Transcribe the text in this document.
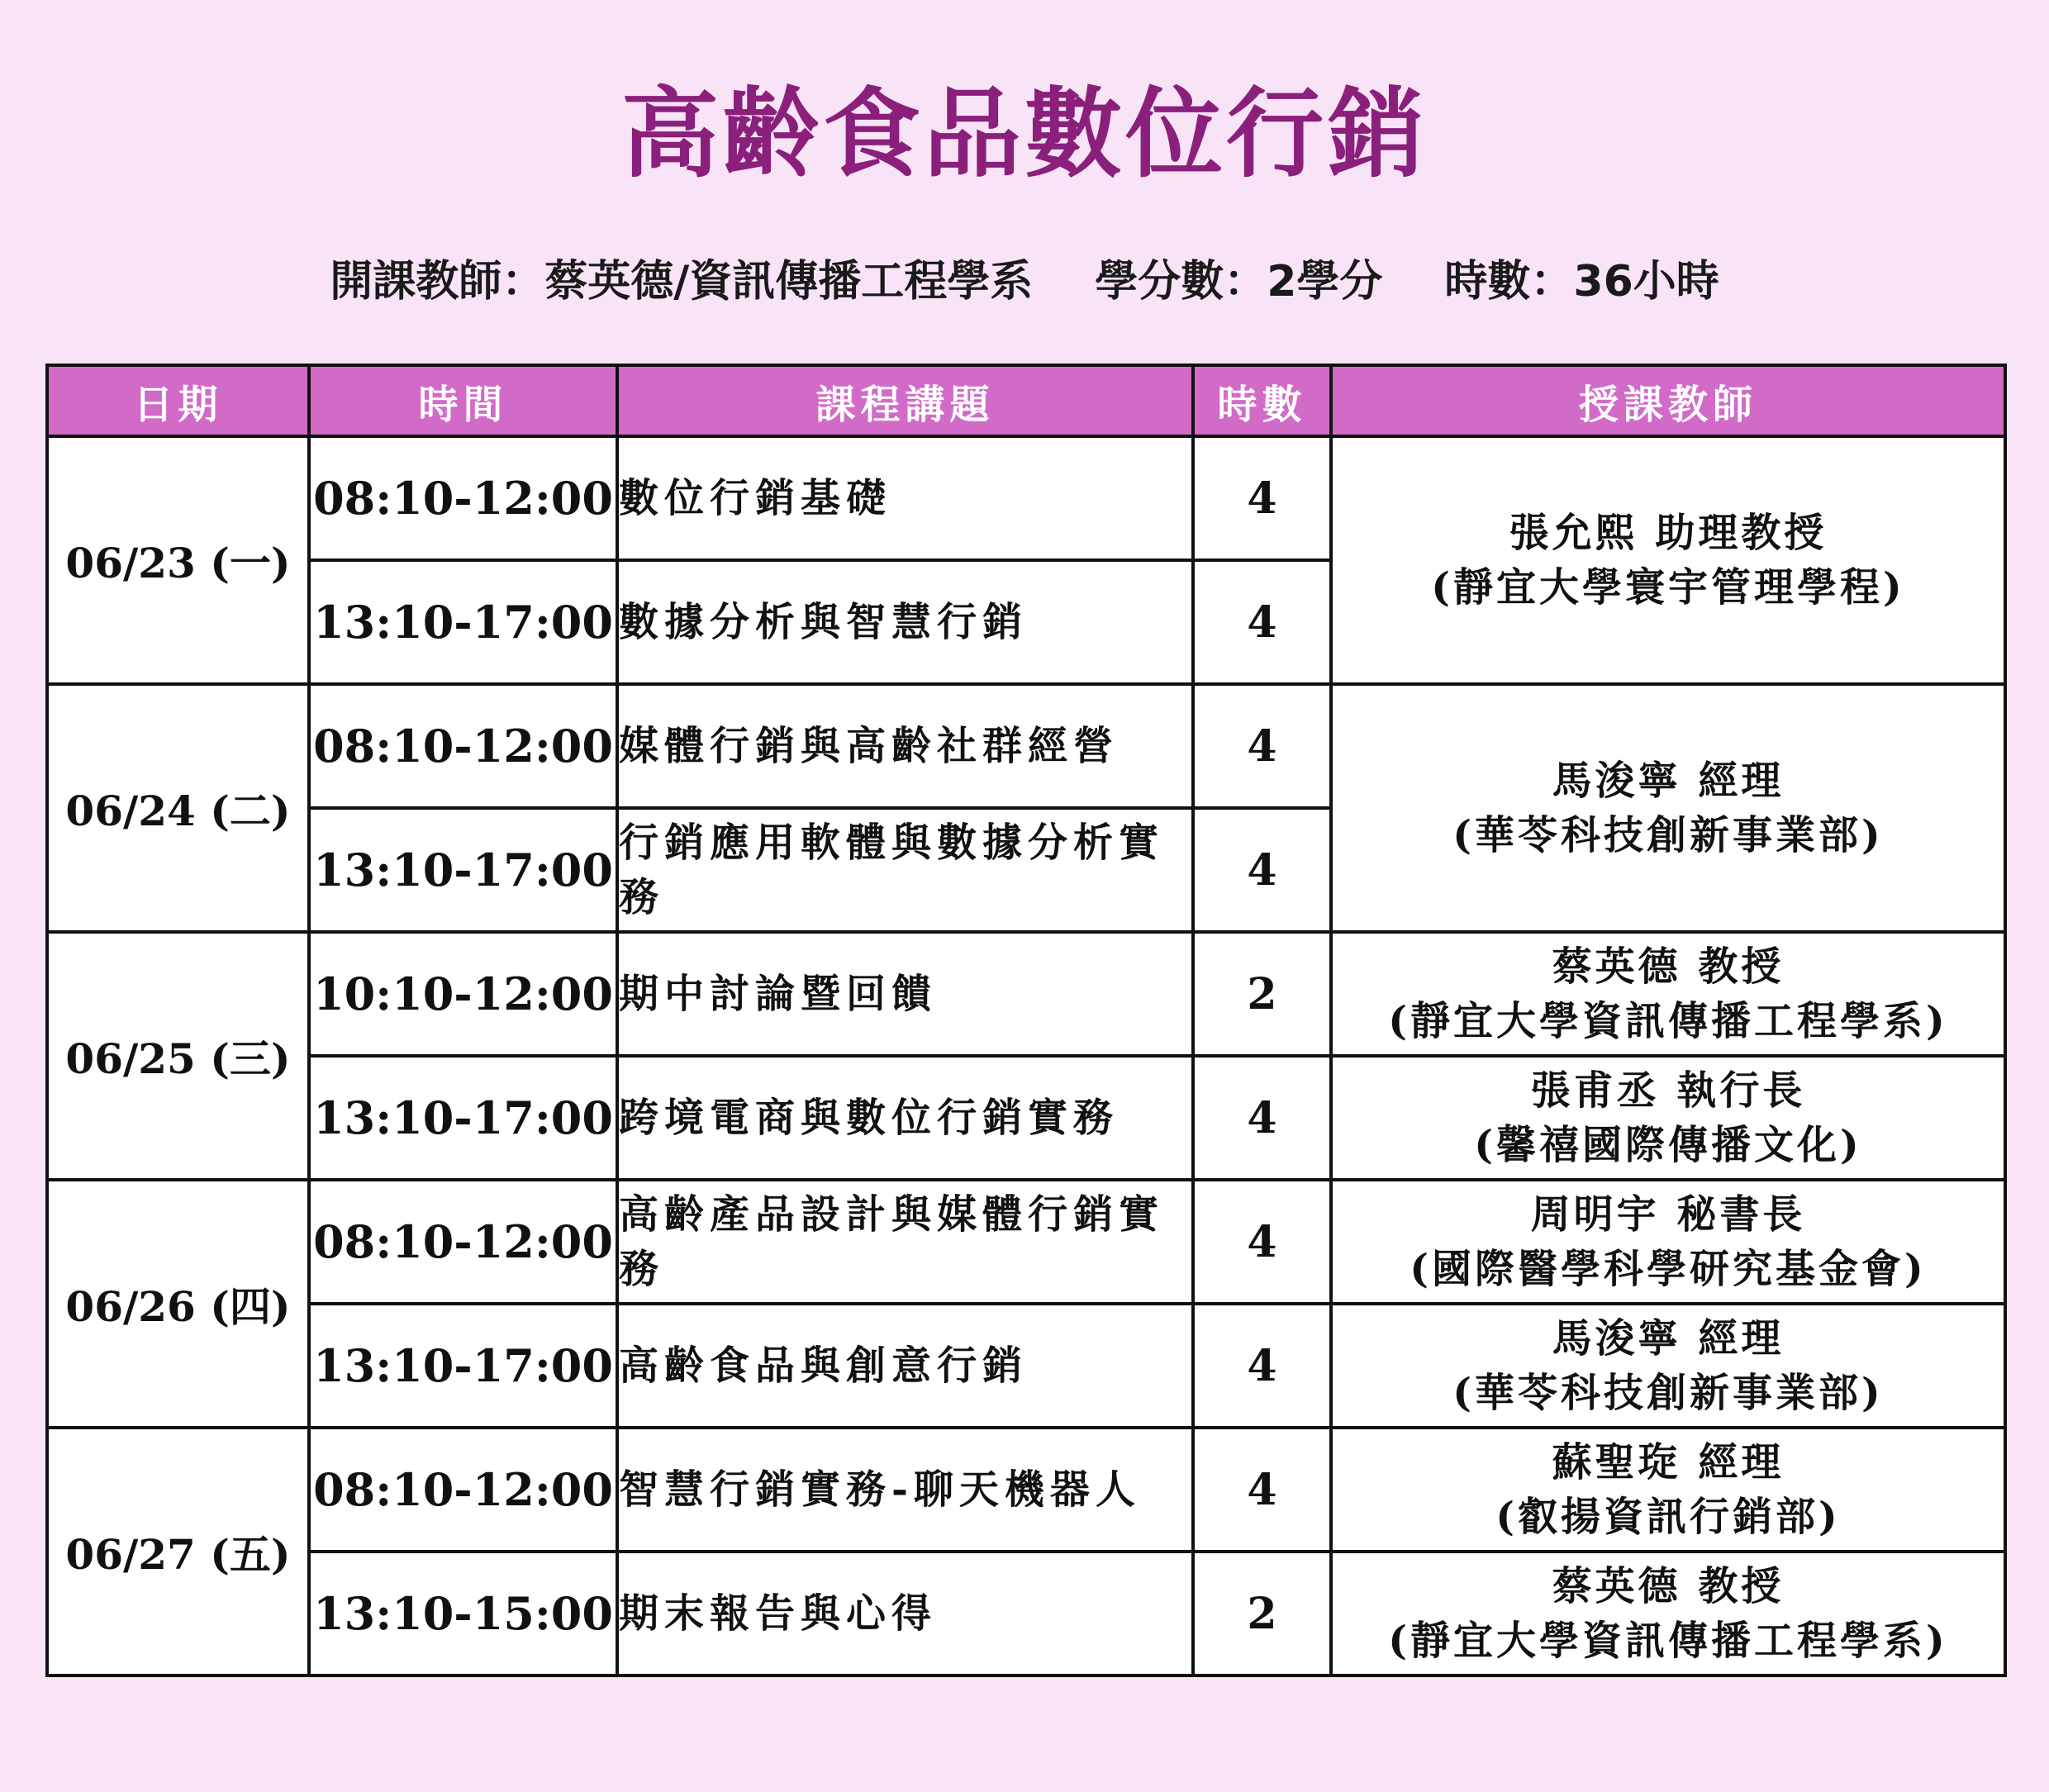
高齡食品數位行銷
開課教師：蔡英德/資訊傳播工程學系 學分數：2學分 時數：36小時
日期	時間	課程講題	時數	授課教師
06/23 (一)	08:10-12:00	數位行銷基礎	4	張允熙 助理教授
(靜宜大學寰宇管理學程)

	13:10-17:00	數據分析與智慧行銷	4	
06/24 (二)	08:10-12:00	媒體行銷與高齡社群經營	4	馬浚寧 經理
(華苓科技創新事業部)

	13:10-17:00	行銷應用軟體與數據分析實務	4	
06/25 (三)	10:10-12:00	期中討論暨回饋	2	蔡英德 教授
(靜宜大學資訊傳播工程學系)

	13:10-17:00	跨境電商與數位行銷實務	4	張甫丞 執行長
(馨禧國際傳播文化)

06/26 (四)	08:10-12:00	高齡產品設計與媒體行銷實務	4	周明宇 秘書長
(國際醫學科學研究基金會)

	13:10-17:00	高齡食品與創意行銷	4	馬浚寧 經理
(華苓科技創新事業部)

06/27 (五)	08:10-12:00	智慧行銷實務-聊天機器人	4	蘇聖琁 經理
(叡揚資訊行銷部)

	13:10-15:00	期末報告與心得	2	蔡英德 教授
(靜宜大學資訊傳播工程學系)
